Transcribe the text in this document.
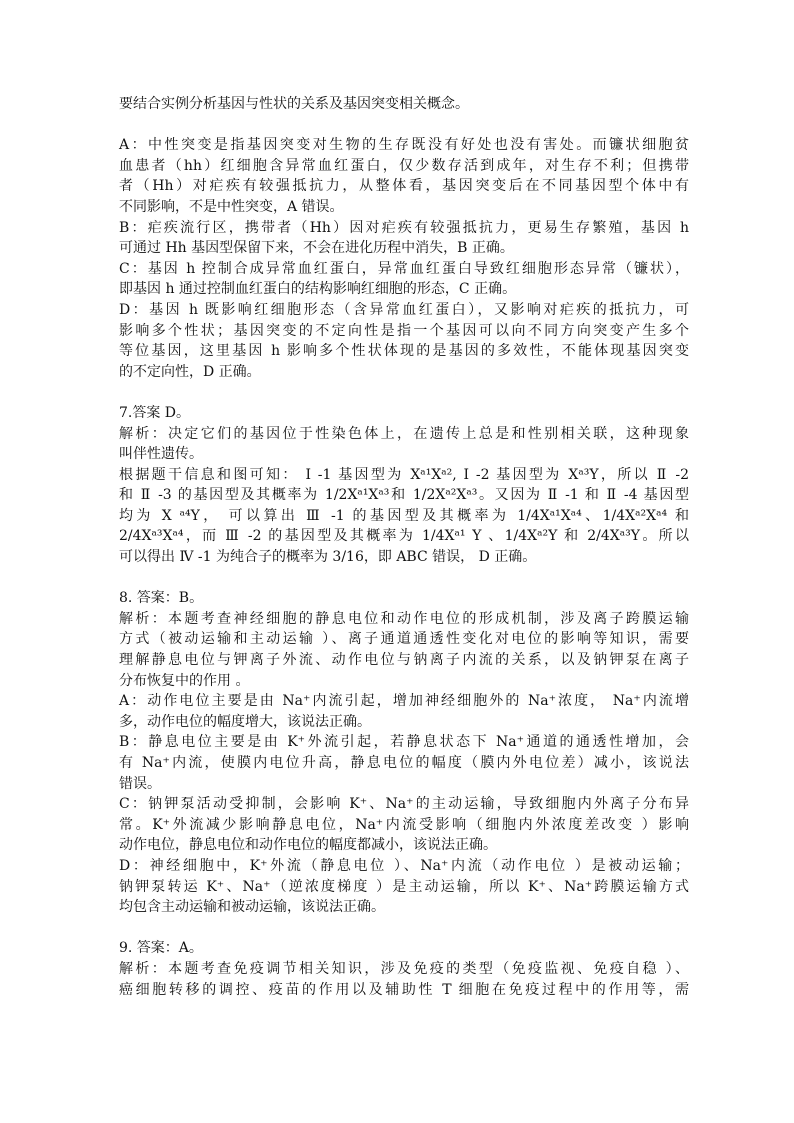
要结合实例分析基因与性状的关系及基因突变相关概念。
A：中性突变是指基因突变对生物的生存既没有好处也没有害处。而镰状细胞贫
血患者（hh）红细胞含异常血红蛋白，仅少数存活到成年，对生存不利；但携带
者（Hh）对疟疾有较强抵抗力，从整体看，基因突变后在不同基因型个体中有
不同影响，不是中性突变，A 错误。
B：疟疾流行区，携带者（Hh）因对疟疾有较强抵抗力，更易生存繁殖，基因 h
可通过 Hh 基因型保留下来，不会在进化历程中消失，B 正确。
C：基因 h 控制合成异常血红蛋白，异常血红蛋白导致红细胞形态异常（镰状），
即基因 h 通过控制血红蛋白的结构影响红细胞的形态，C 正确。
D：基因 h 既影响红细胞形态（含异常血红蛋白），又影响对疟疾的抵抗力，可
影响多个性状；基因突变的不定向性是指一个基因可以向不同方向突变产生多个
等位基因，这里基因 h 影响多个性状体现的是基因的多效性，不能体现基因突变
的不定向性，D 正确。
7.答案 D。
解析：决定它们的基因位于性染色体上，在遗传上总是和性别相关联，这种现象
叫伴性遗传。
根据题干信息和图可知： I -1 基因型为 Xᵃ¹Xᵃ², I -2 基因型为 Xᵃ³Y，所以 Ⅱ -2
和 Ⅱ -3 的基因型及其概率为 1/2Xᵃ¹Xᵃ³和 1/2Xᵃ²Xᵃ³。又因为 Ⅱ -1 和 Ⅱ -4 基因型
均为 X ᵃ⁴Y， 可以算出 Ⅲ -1 的基因型及其概率为 1/4Xᵃ¹Xᵃ⁴、1/4Xᵃ²Xᵃ⁴ 和
2/4Xᵃ³Xᵃ⁴，而 Ⅲ -2 的基因型及其概率为 1/4Xᵃ¹ Y 、1/4Xᵃ²Y 和 2/4Xᵃ³Y。所以
可以得出 Ⅳ -1 为纯合子的概率为 3/16，即 ABC 错误， D 正确。
8. 答案：B。
解析：本题考查神经细胞的静息电位和动作电位的形成机制，涉及离子跨膜运输
方式（被动运输和主动运输 ）、离子通道通透性变化对电位的影响等知识，需要
理解静息电位与钾离子外流、动作电位与钠离子内流的关系，以及钠钾泵在离子
分布恢复中的作用 。
A：动作电位主要是由 Na⁺内流引起，增加神经细胞外的 Na⁺浓度， Na⁺内流增
多，动作电位的幅度增大，该说法正确。
B：静息电位主要是由 K⁺外流引起，若静息状态下 Na⁺通道的通透性增加，会
有 Na⁺内流，使膜内电位升高，静息电位的幅度（膜内外电位差）减小，该说法
错误。
C：钠钾泵活动受抑制，会影响 K⁺、Na⁺的主动运输，导致细胞内外离子分布异
常。K⁺外流减少影响静息电位，Na⁺内流受影响（细胞内外浓度差改变 ）影响
动作电位，静息电位和动作电位的幅度都减小，该说法正确。
D：神经细胞中，K⁺外流（静息电位 ）、Na⁺内流（动作电位 ）是被动运输；
钠钾泵转运 K⁺、Na⁺（逆浓度梯度 ）是主动运输，所以 K⁺、Na⁺跨膜运输方式
均包含主动运输和被动运输，该说法正确。
9. 答案：A。
解析：本题考查免疫调节相关知识，涉及免疫的类型（免疫监视、免疫自稳 ）、
癌细胞转移的调控、疫苗的作用以及辅助性 T 细胞在免疫过程中的作用等，需
